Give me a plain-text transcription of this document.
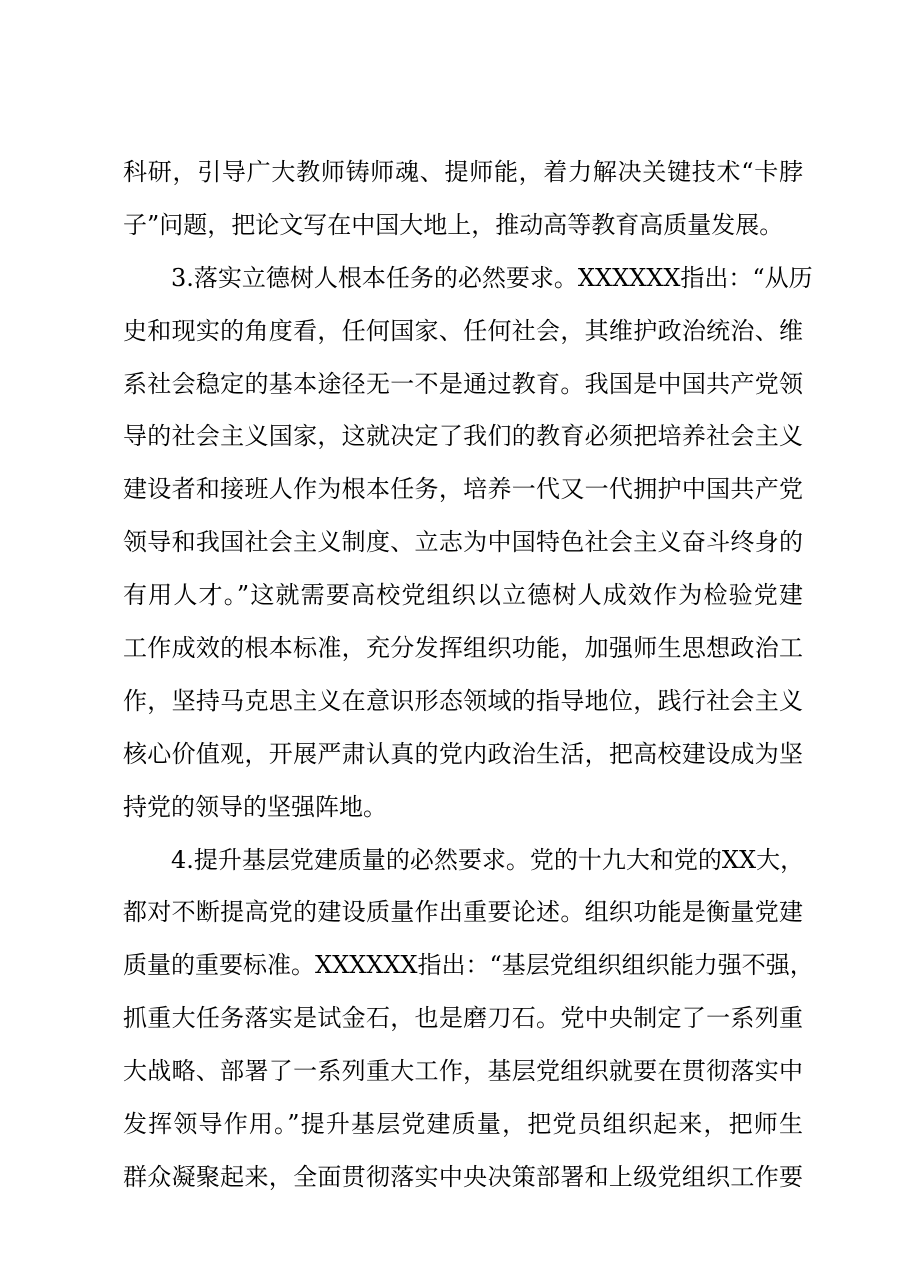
科研，引导广大教师铸师魂、提师能，着力解决关键技术“卡脖
子”问题，把论文写在中国大地上，推动高等教育高质量发展。
3.落实立德树人根本任务的必然要求。XXXXXX指出：“从历
史和现实的角度看，任何国家、任何社会，其维护政治统治、维
系社会稳定的基本途径无一不是通过教育。我国是中国共产党领
导的社会主义国家，这就决定了我们的教育必须把培养社会主义
建设者和接班人作为根本任务，培养一代又一代拥护中国共产党
领导和我国社会主义制度、立志为中国特色社会主义奋斗终身的
有用人才。”这就需要高校党组织以立德树人成效作为检验党建
工作成效的根本标准，充分发挥组织功能，加强师生思想政治工
作，坚持马克思主义在意识形态领域的指导地位，践行社会主义
核心价值观，开展严肃认真的党内政治生活，把高校建设成为坚
持党的领导的坚强阵地。
4.提升基层党建质量的必然要求。党的十九大和党的XX大，
都对不断提高党的建设质量作出重要论述。组织功能是衡量党建
质量的重要标准。XXXXXX指出：“基层党组织组织能力强不强，
抓重大任务落实是试金石，也是磨刀石。党中央制定了一系列重
大战略、部署了一系列重大工作，基层党组织就要在贯彻落实中
发挥领导作用。”提升基层党建质量，把党员组织起来，把师生
群众凝聚起来，全面贯彻落实中央决策部署和上级党组织工作要
